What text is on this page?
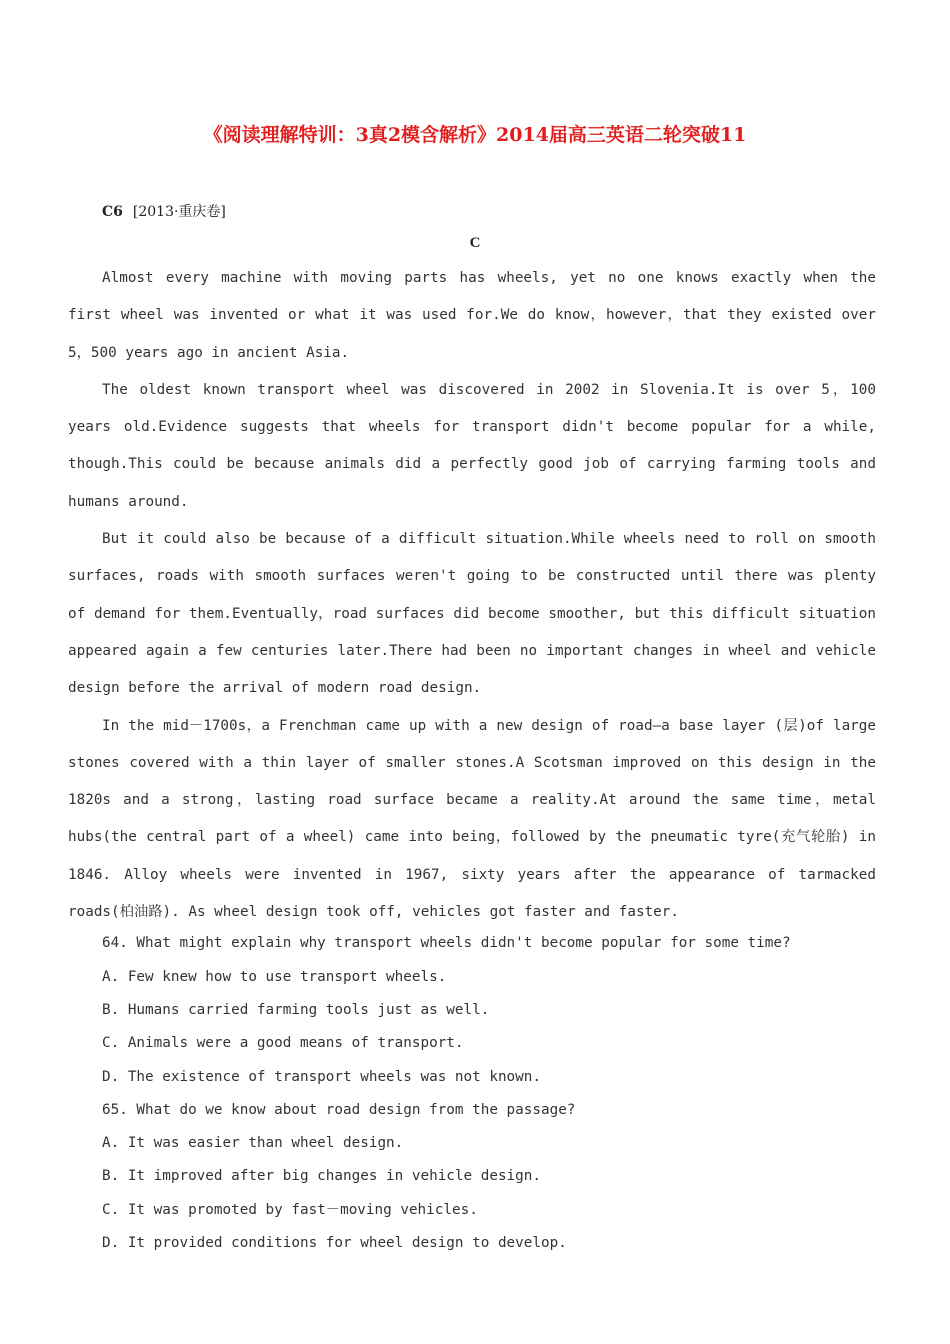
《阅读理解特训：3真2模含解析》2014届高三英语二轮突破11
C6 [2013·重庆卷]
C

Almost every machine with moving parts has wheels, yet no one knows exactly when the first wheel was invented or what it was used for.We do know，however，that they existed over 5，500 years ago in ancient Asia.

The oldest known transport wheel was discovered in 2002 in Slovenia.It is over 5，100 years old.Evidence suggests that wheels for transport didn't become popular for a while, though.This could be because animals did a perfectly good job of carrying farming tools and humans around.

But it could also be because of a difficult situation.While wheels need to roll on smooth surfaces, roads with smooth surfaces weren't going to be constructed until there was plenty of demand for them.Eventually，road surfaces did become smoother, but this difficult situation appeared again a few centuries later.There had been no important changes in wheel and vehicle design before the arrival of modern road design.

In the mid－1700s，a Frenchman came up with a new design of road—a base layer (层)of large stones covered with a thin layer of smaller stones.A Scotsman improved on this design in the 1820s and a strong，lasting road surface became a reality.At around the same time，metal hubs(the central part of a wheel) came into being，followed by the pneumatic tyre(充气轮胎) in 1846. Alloy wheels were invented in 1967, sixty years after the appearance of tarmacked roads(柏油路). As wheel design took off, vehicles got faster and faster.

64. What might explain why transport wheels didn't become popular for some time?

A. Few knew how to use transport wheels.

B. Humans carried farming tools just as well.

C. Animals were a good means of transport.

D. The existence of transport wheels was not known.

65. What do we know about road design from the passage?

A. It was easier than wheel design.

B. It improved after big changes in vehicle design.

C. It was promoted by fast－moving vehicles.

D. It provided conditions for wheel design to develop.
